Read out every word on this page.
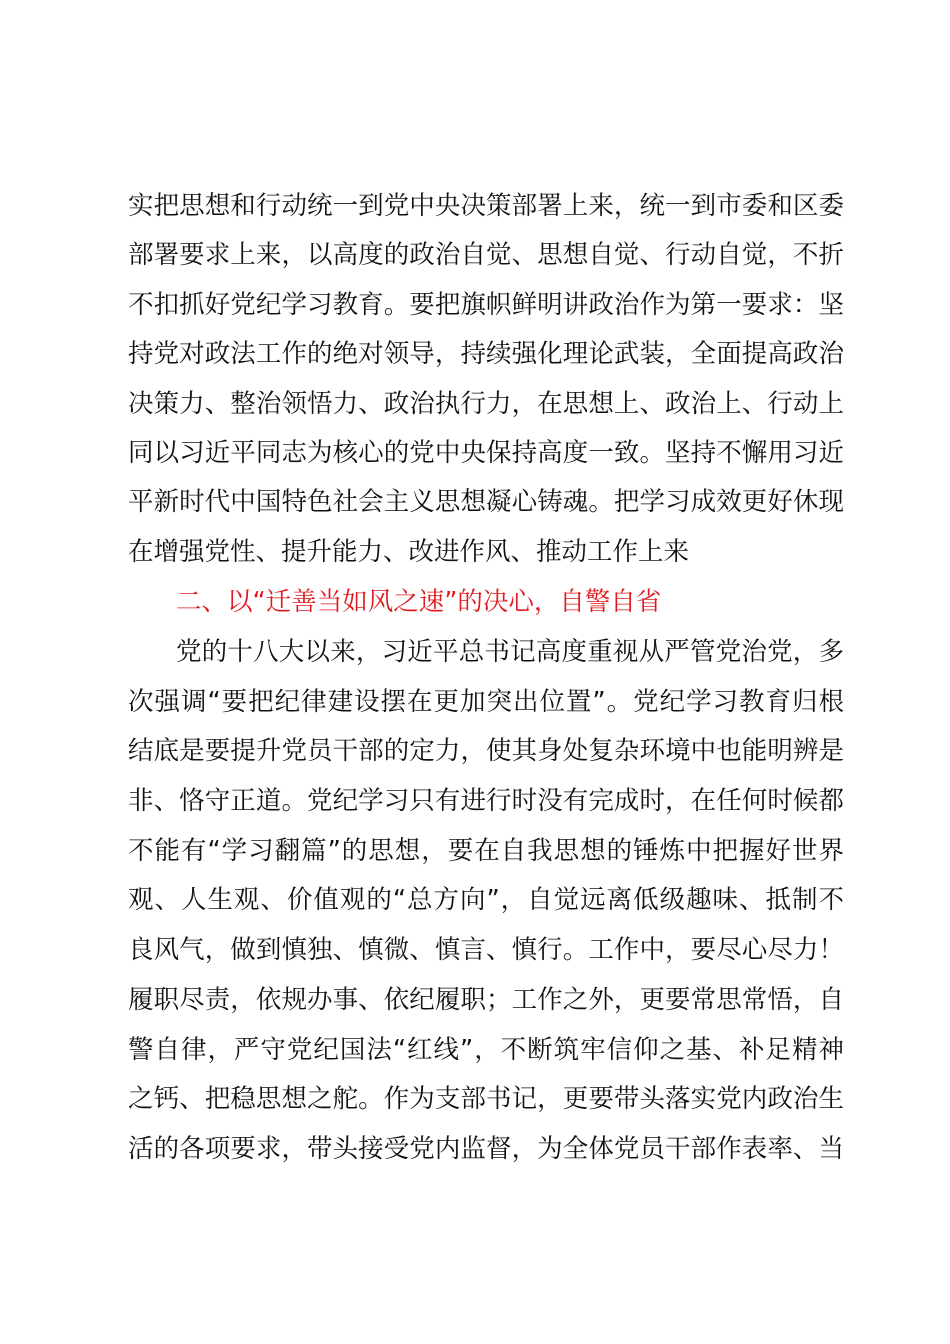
实把思想和行动统一到党中央决策部署上来，统一到市委和区委
部署要求上来，以高度的政治自觉、思想自觉、行动自觉，不折
不扣抓好党纪学习教育。要把旗帜鲜明讲政治作为第一要求：坚
持党对政法工作的绝对领导，持续强化理论武装，全面提高政治
决策力、整治领悟力、政治执行力，在思想上、政治上、行动上
同以习近平同志为核心的党中央保持高度一致。坚持不懈用习近
平新时代中国特色社会主义思想凝心铸魂。把学习成效更好休现
在增强党性、提升能力、改进作风、推动工作上来
二、以“迁善当如风之速”的决心，自警自省
党的十八大以来，习近平总书记高度重视从严管党治党，多
次强调“要把纪律建设摆在更加突出位置”。党纪学习教育归根
结底是要提升党员干部的定力，使其身处复杂环境中也能明辨是
非、恪守正道。党纪学习只有进行时没有完成时，在任何时候都
不能有“学习翻篇”的思想，要在自我思想的锤炼中把握好世界
观、人生观、价值观的“总方向”，自觉远离低级趣味、抵制不
良风气，做到慎独、慎微、慎言、慎行。工作中，要尽心尽力！
履职尽责，依规办事、依纪履职；工作之外，更要常思常悟，自
警自律，严守党纪国法“红线”，不断筑牢信仰之基、补足精神
之钙、把稳思想之舵。作为支部书记，更要带头落实党内政治生
活的各项要求，带头接受党内监督，为全体党员干部作表率、当
